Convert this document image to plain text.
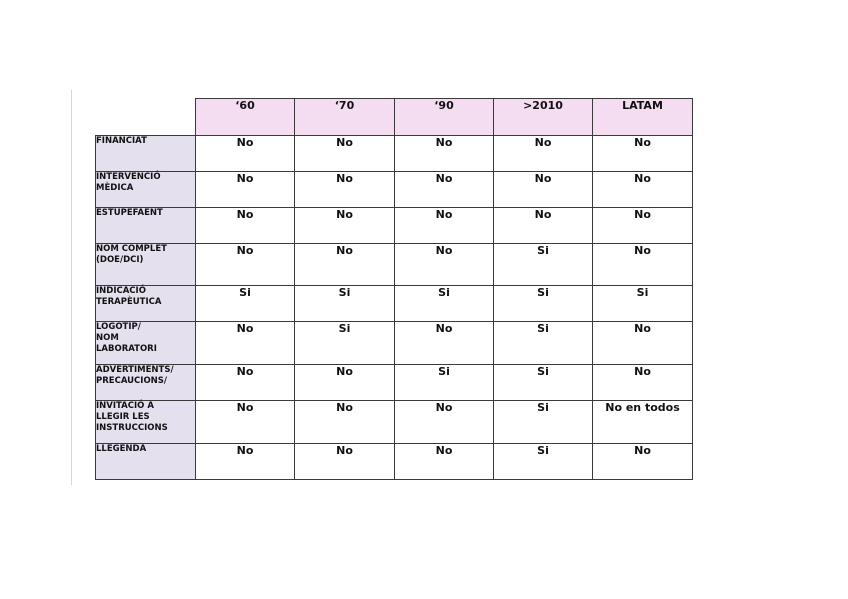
	‘60	‘70	‘90	>2010	LATAM
FINANCIAT	No	No	No	No	No
INTERVENCIÓ
MÈDICA	No	No	No	No	No
ESTUPEFAENT	No	No	No	No	No
NOM COMPLET
(DOE/DCI)	No	No	No	Si	No
INDICACIÓ
TERAPÈUTICA	Si	Si	Si	Si	Si
LOGOTIP/
NOM
LABORATORI	No	Si	No	Si	No
ADVERTIMENTS/
PRECAUCIONS/	No	No	Si	Si	No
INVITACIÓ A
LLEGIR LES
INSTRUCCIONS	No	No	No	Si	No en todos
LLEGENDA	No	No	No	Si	No
